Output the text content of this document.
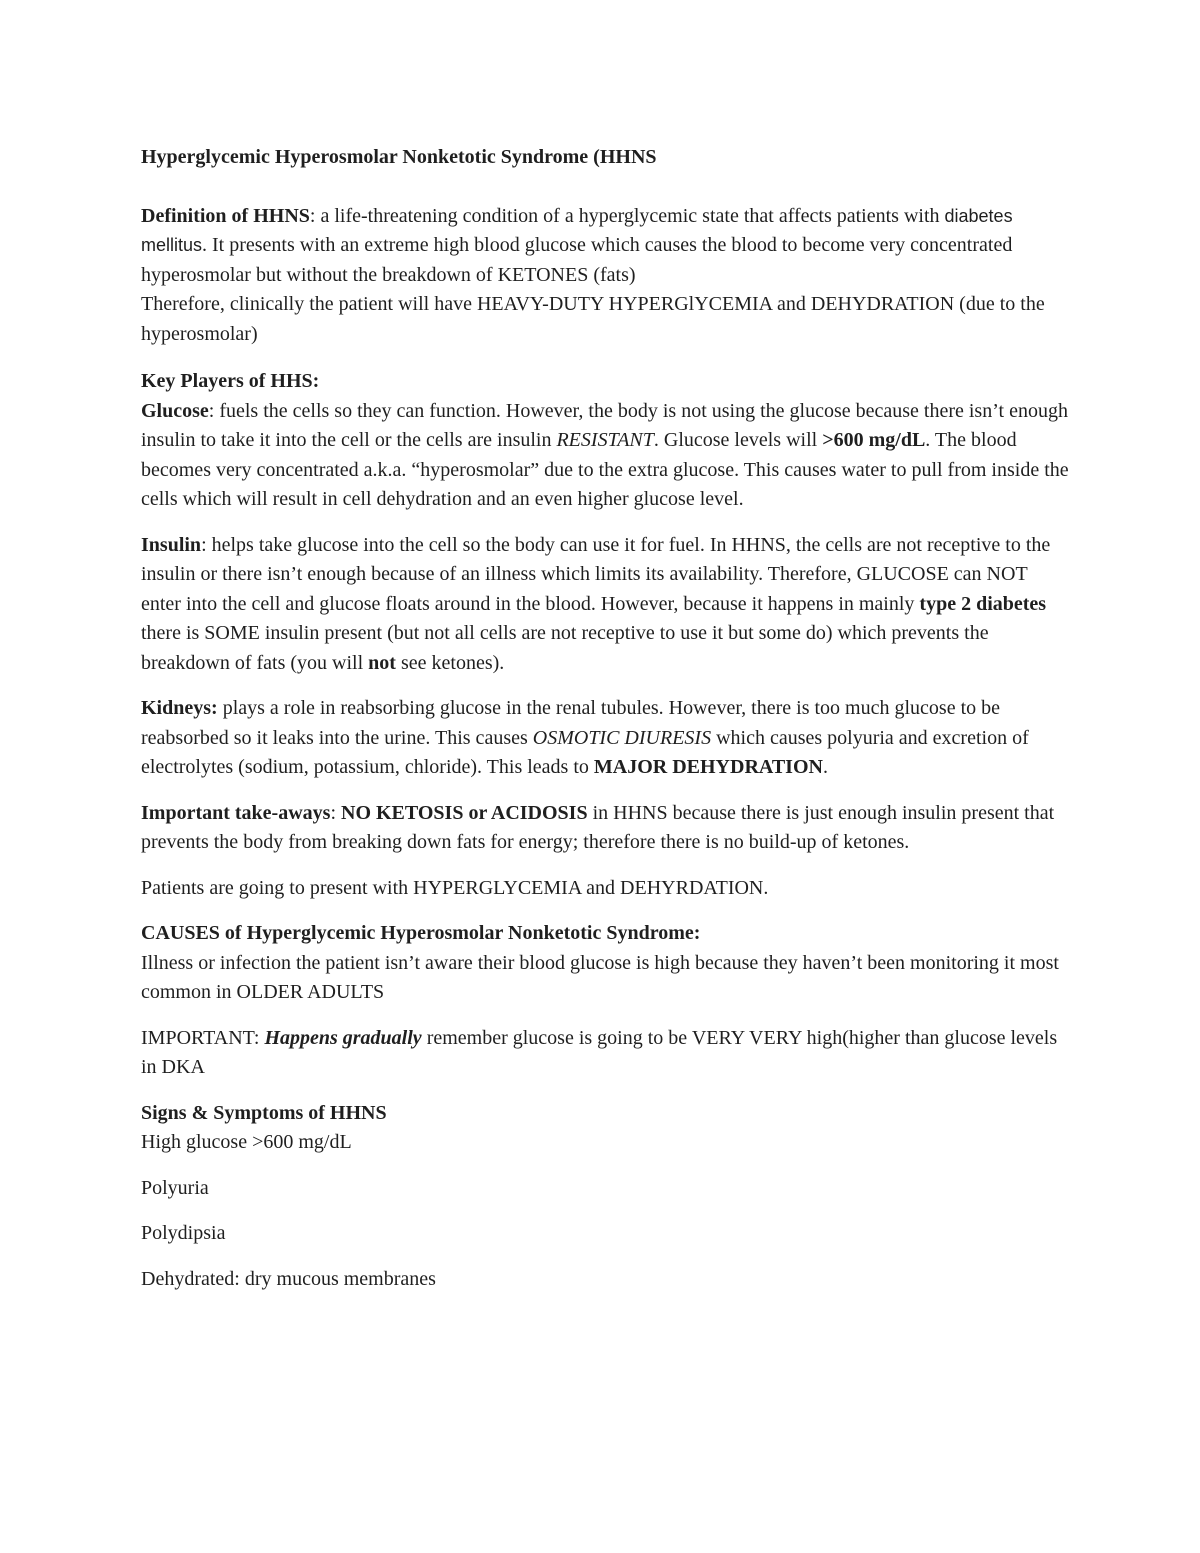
Hyperglycemic Hyperosmolar Nonketotic Syndrome (HHNS

Definition of HHNS: a life-threatening condition of a hyperglycemic state that affects patients with diabetes mellitus. It presents with an extreme high blood glucose which causes the blood to become very concentrated hyperosmolar but without the breakdown of KETONES (fats)
Therefore, clinically the patient will have HEAVY-DUTY HYPERGlYCEMIA and DEHYDRATION (due to the hyperosmolar)

Key Players of HHS:

Glucose: fuels the cells so they can function. However, the body is not using the glucose because there isn’t enough insulin to take it into the cell or the cells are insulin RESISTANT. Glucose levels will >600 mg/dL. The blood becomes very concentrated a.k.a. “hyperosmolar” due to the extra glucose. This causes water to pull from inside the cells which will result in cell dehydration and an even higher glucose level.

Insulin: helps take glucose into the cell so the body can use it for fuel. In HHNS, the cells are not receptive to the insulin or there isn’t enough because of an illness which limits its availability. Therefore, GLUCOSE can NOT enter into the cell and glucose floats around in the blood. However, because it happens in mainly type 2 diabetes there is SOME insulin present (but not all cells are not receptive to use it but some do) which prevents the breakdown of fats (you will not see ketones).

Kidneys: plays a role in reabsorbing glucose in the renal tubules. However, there is too much glucose to be reabsorbed so it leaks into the urine. This causes OSMOTIC DIURESIS which causes polyuria and excretion of electrolytes (sodium, potassium, chloride). This leads to MAJOR DEHYDRATION.

Important take-aways: NO KETOSIS or ACIDOSIS in HHNS because there is just enough insulin present that prevents the body from breaking down fats for energy; therefore there is no build-up of ketones.

Patients are going to present with HYPERGLYCEMIA and DEHYRDATION.

CAUSES of Hyperglycemic Hyperosmolar Nonketotic Syndrome:
Illness or infection the patient isn’t aware their blood glucose is high because they haven’t been monitoring it most common in OLDER ADULTS

IMPORTANT: Happens gradually remember glucose is going to be VERY VERY high(higher than glucose levels in DKA

Signs & Symptoms of HHNS
High glucose >600 mg/dL

Polyuria

Polydipsia

Dehydrated: dry mucous membranes
